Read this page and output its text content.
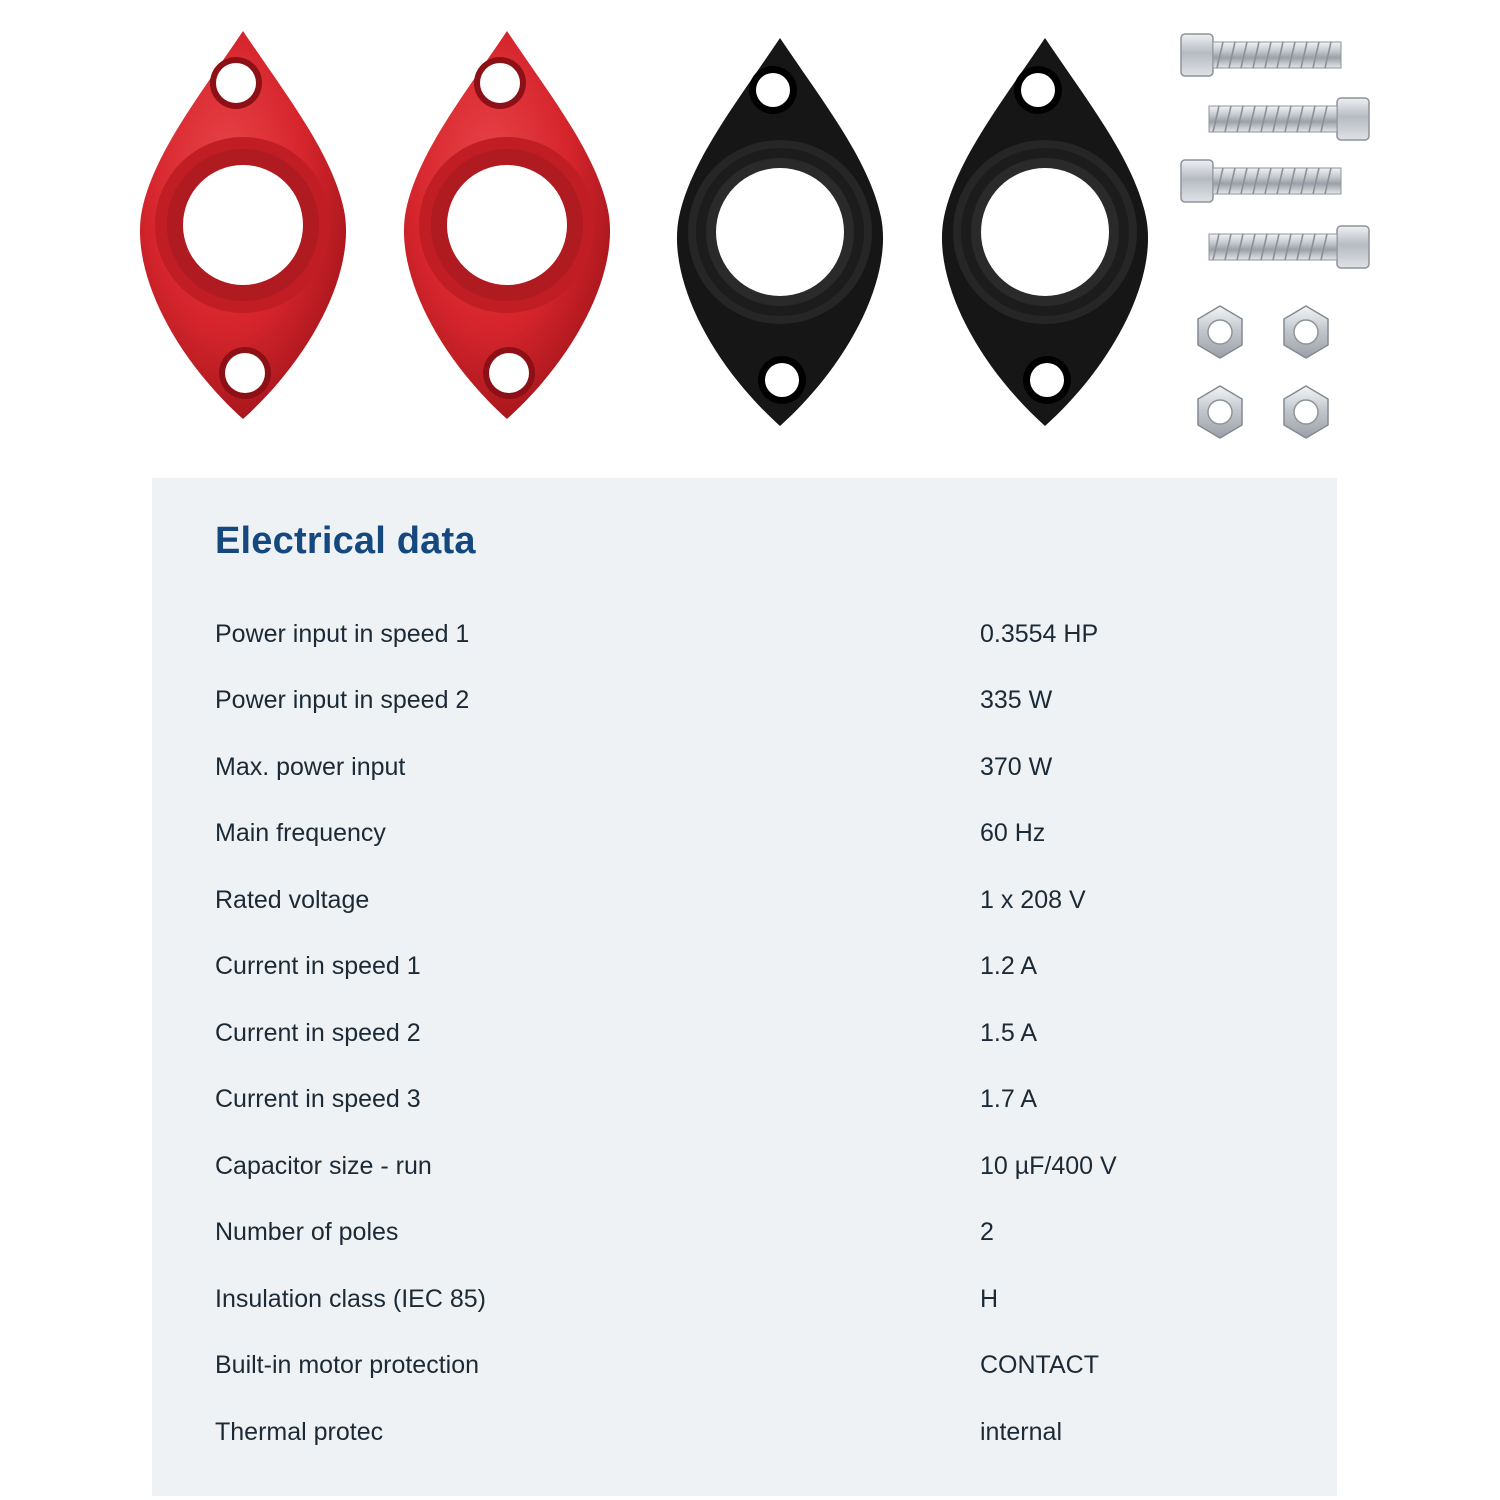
Electrical data
Power input in speed 1	0.3554 HP
Power input in speed 2	335 W
Max. power input	370 W
Main frequency	60 Hz
Rated voltage	1 x 208 V
Current in speed 1	1.2 A
Current in speed 2	1.5 A
Current in speed 3	1.7 A
Capacitor size - run	10 µF/400 V
Number of poles	2
Insulation class (IEC 85)	H
Built-in motor protection	CONTACT
Thermal protec	internal
